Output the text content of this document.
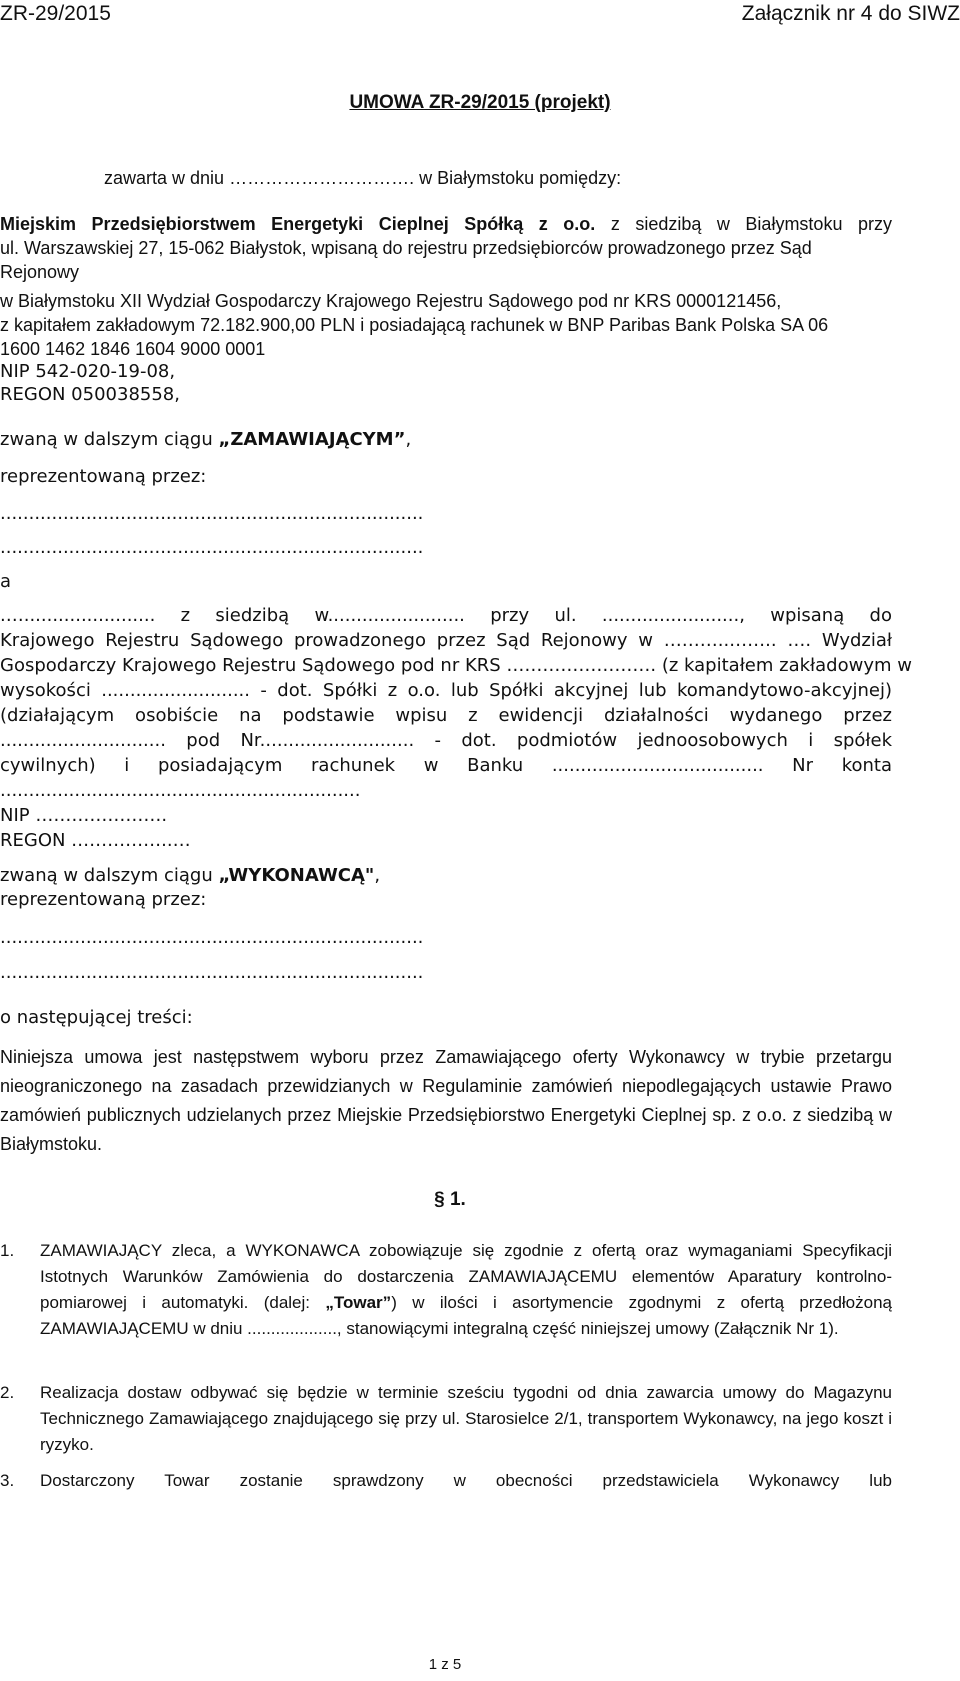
ZR-29/2015	Załącznik nr 4 do SIWZ
UMOWA ZR-29/2015 (projekt)
zawarta w dniu …………………………. w Białymstoku pomiędzy:
Miejskim Przedsiębiorstwem Energetyki Cieplnej Spółką z o.o. z siedzibą w Białymstoku przy
ul. Warszawskiej 27, 15-062 Białystok, wpisaną do rejestru przedsiębiorców prowadzonego przez Sąd
Rejonowy
w Białymstoku XII Wydział Gospodarczy Krajowego Rejestru Sądowego pod nr KRS 0000121456,
z kapitałem zakładowym 72.182.900,00 PLN i posiadającą rachunek w BNP Paribas Bank Polska SA 06
1600 1462 1846 1604 9000 0001
NIP 542-020-19-08,
REGON 050038558,
zwaną w dalszym ciągu „ZAMAWIAJĄCYM”,
reprezentowaną przez:
..........................................................................
..........................................................................
a
.…....................... z siedzibą w........................ przy ul. ........................, wpisaną do
Krajowego Rejestru Sądowego prowadzonego przez Sąd Rejonowy w ………..…….. …. Wydział
Gospodarczy Krajowego Rejestru Sądowego pod nr KRS ……………………. (z kapitałem zakładowym w
wysokości .......................... - dot. Spółki z o.o. lub Spółki akcyjnej lub komandytowo-akcyjnej)
(działającym osobiście na podstawie wpisu z ewidencji działalności wydanego przez
............................. pod Nr........................... - dot. podmiotów jednoosobowych i spółek
cywilnych) i posiadającym rachunek w Banku ..................................... Nr konta
...............................................................
NIP ………………….
REGON ……………..…
zwaną w dalszym ciągu „WYKONAWCĄ",
reprezentowaną przez:
..........................................................................
..........................................................................
o następującej treści:
Niniejsza umowa jest następstwem wyboru przez Zamawiającego oferty Wykonawcy w trybie przetargu nieograniczonego na zasadach przewidzianych w Regulaminie zamówień niepodlegających ustawie Prawo zamówień publicznych udzielanych przez Miejskie Przedsiębiorstwo Energetyki Cieplnej sp. z o.o. z siedzibą w Białymstoku.
§ 1.
1. ZAMAWIAJĄCY zleca, a WYKONAWCA zobowiązuje się zgodnie z ofertą oraz wymaganiami Specyfikacji Istotnych Warunków Zamówienia do dostarczenia ZAMAWIAJĄCEMU elementów Aparatury kontrolno-pomiarowej i automatyki. (dalej: „Towar”) w ilości i asortymencie zgodnymi z ofertą przedłożoną ZAMAWIAJĄCEMU w dniu ..................., stanowiącymi integralną część niniejszej umowy (Załącznik Nr 1).
2. Realizacja dostaw odbywać się będzie w terminie sześciu tygodni od dnia zawarcia umowy do Magazynu Technicznego Zamawiającego znajdującego się przy ul. Starosielce 2/1, transportem Wykonawcy, na jego koszt i ryzyko.
3. Dostarczony Towar zostanie sprawdzony w obecności przedstawiciela Wykonawcy lub
1 z 5
